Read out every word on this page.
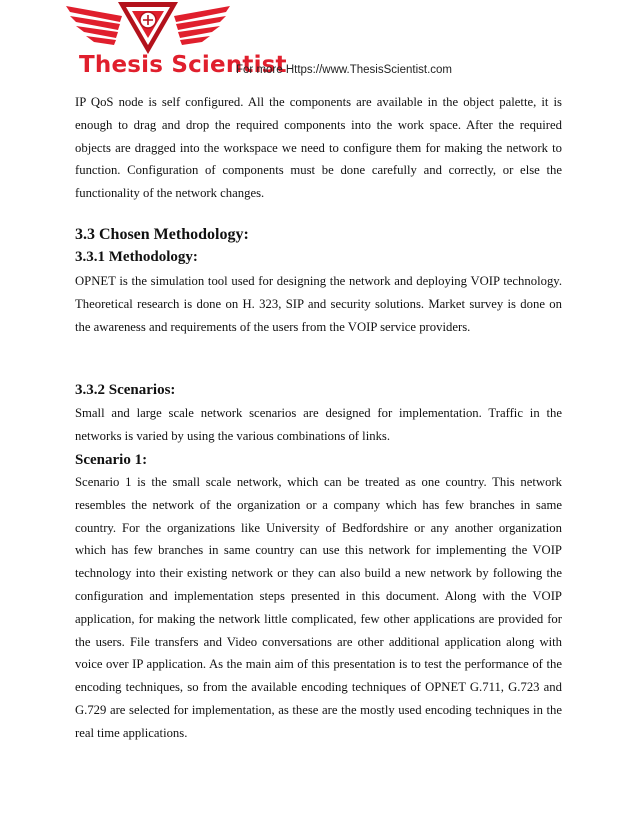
Thesis Scientist
For more Https://www.ThesisScientist.com

IP QoS node is self configured. All the components are available in the object palette, it is enough to drag and drop the required components into the work space. After the required objects are dragged into the workspace we need to configure them for making the network to function. Configuration of components must be done carefully and correctly, or else the functionality of the network changes.

3.3 Chosen Methodology:
3.3.1 Methodology:

OPNET is the simulation tool used for designing the network and deploying VOIP technology. Theoretical research is done on H. 323, SIP and security solutions. Market survey is done on the awareness and requirements of the users from the VOIP service providers.

3.3.2 Scenarios:

Small and large scale network scenarios are designed for implementation. Traffic in the networks is varied by using the various combinations of links.

Scenario 1:

Scenario 1 is the small scale network, which can be treated as one country. This network resembles the network of the organization or a company which has few branches in same country. For the organizations like University of Bedfordshire or any another organization which has few branches in same country can use this network for implementing the VOIP technology into their existing network or they can also build a new network by following the configuration and implementation steps presented in this document. Along with the VOIP application, for making the network little complicated, few other applications are provided for the users. File transfers and Video conversations are other additional application along with voice over IP application. As the main aim of this presentation is to test the performance of the encoding techniques, so from the available encoding techniques of OPNET G.711, G.723 and G.729 are selected for implementation, as these are the mostly used encoding techniques in the real time applications.
